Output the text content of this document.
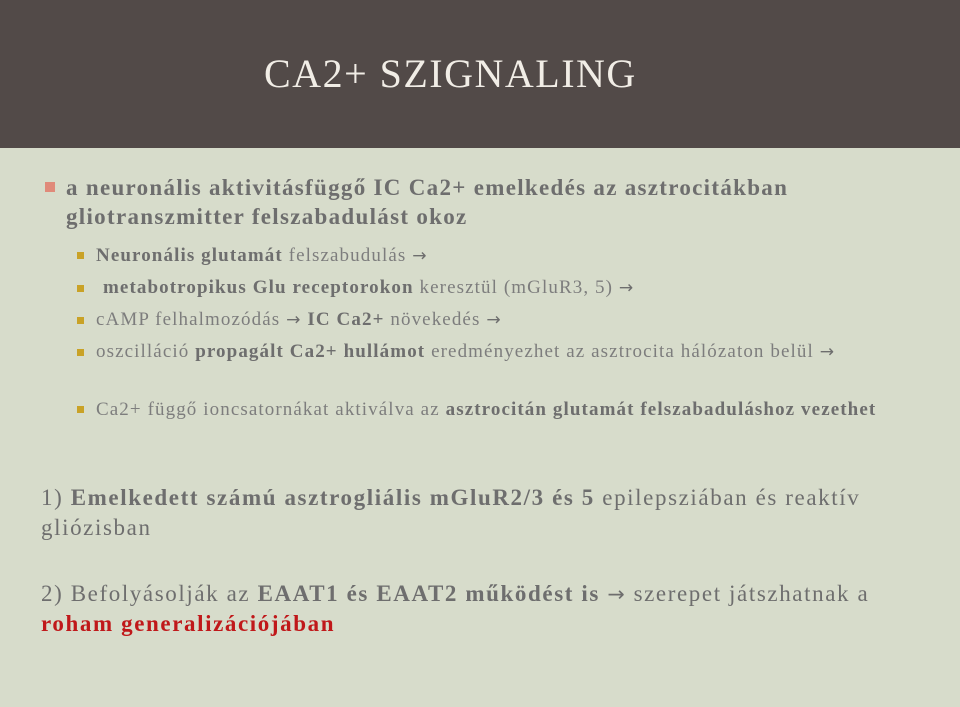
CA2+ SZIGNALING
a neuronális aktivitásfüggő IC Ca2+ emelkedés az asztrocitákban gliotranszmitter felszabadulást okoz
Neuronális glutamát felszabudulás →
metabotropikus Glu receptorokon keresztül (mGluR3, 5) →
cAMP felhalmozódás → IC Ca2+ növekedés →
oszcilláció propagált Ca2+ hullámot eredményezhet az asztrocita hálózaton belül →
Ca2+ függő ioncsatornákat aktiválva az asztrocitán glutamát felszabaduláshoz vezethet
1) Emelkedett számú asztrogliális mGluR2/3 és 5 epilepsziában és reaktív gliózisban
2) Befolyásolják az EAAT1 és EAAT2 működést is → szerepet játszhatnak a roham generalizációjában
